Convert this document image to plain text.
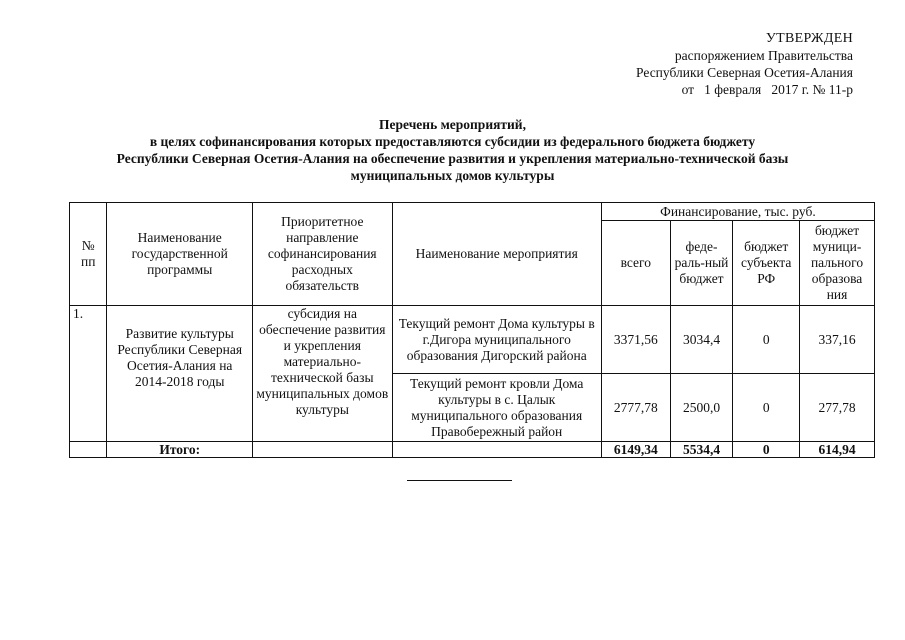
УТВЕРЖДЕН
распоряжением Правительства
Республики Северная Осетия-Алания
от   1 февраля   2017 г. № 11-р
Перечень мероприятий,
в целях софинансирования которых предоставляются субсидии из федерального бюджета бюджету
Республики Северная Осетия-Алания на обеспечение развития и укрепления материально-технической базы
муниципальных домов культуры
№ пп	Наименование государственной программы	Приоритетное направление софинансирования расходных обязательств	Наименование мероприятия	Финансирование, тыс. руб.			
				всего	феде-раль-ный бюджет	бюджет субъекта РФ	бюджет муници-пального образова ния
1.	Развитие культуры Республики Северная Осетия-Алания на 2014-2018 годы	субсидия на обеспечение развития и укрепления материально-технической базы муниципальных домов культуры	Текущий ремонт Дома культуры в г.Дигора муниципального образования Дигорский района	3371,56	3034,4	0	337,16
			Текущий ремонт кровли Дома культуры в с. Цалык муниципального образования Правобережный район	2777,78	2500,0	0	277,78
	Итого:			6149,34	5534,4	0	614,94
